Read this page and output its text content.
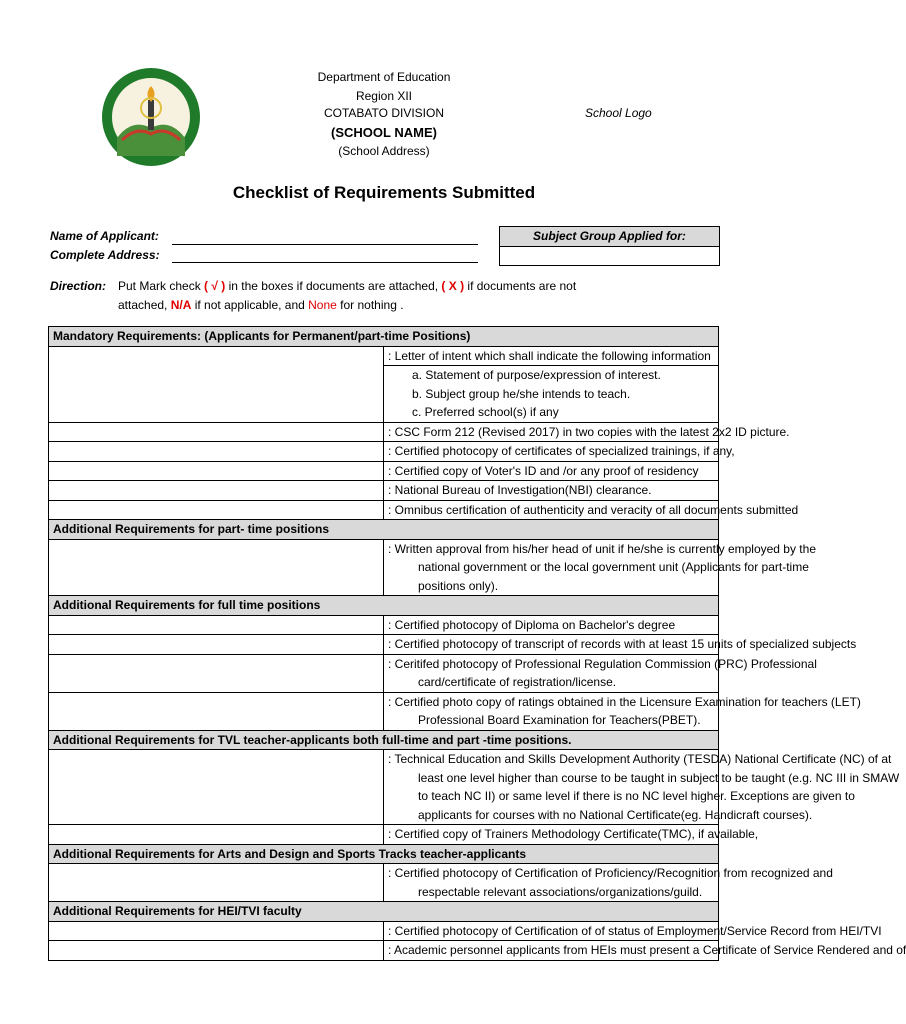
Department of Education
Region XII
COTABATO DIVISION
(SCHOOL NAME)
(School Address)
School Logo
Checklist of Requirements Submitted
Name of Applicant:
Complete Address:
Subject Group Applied for:
Direction: Put Mark check ( √ ) in the boxes if documents are attached, ( X ) if documents are not
attached, N/A if not applicable, and None for nothing .
Mandatory Requirements: (Applicants for Permanent/part-time Positions)	
	: Letter of intent which shall indicate the following information
	a. Statement of purpose/expression of interest.
	b. Subject group he/she intends to teach.
	c. Preferred school(s) if any
	: CSC Form 212 (Revised 2017) in two copies with the latest 2x2 ID picture.
	: Certified photocopy of certificates of specialized trainings, if any,
	: Certified copy of Voter's ID and /or any proof of residency
	: National Bureau of Investigation(NBI) clearance.
	: Omnibus certification of authenticity and veracity of all documents submitted
Additional Requirements for part- time positions	
	: Written approval from his/her head of unit if he/she is currently employed by the
	national government or the local government unit (Applicants for part-time
	positions only).
Additional Requirements for full time positions	
	: Certified photocopy of Diploma on Bachelor's degree
	: Certified photocopy of transcript of records with at least 15 units of specialized subjects
	: Ceritifed photocopy of Professional Regulation Commission (PRC) Professional
	card/certificate of registration/license.
	: Certified photo copy of ratings obtained in the Licensure Examination for teachers (LET)
	Professional Board Examination for Teachers(PBET).
Additional Requirements for TVL teacher-applicants both full-time and part -time positions.	
	: Technical Education and Skills Development Authority (TESDA) National Certificate (NC) of at
	least one level higher than course to be taught in subject to be taught (e.g. NC III in SMAW
	to teach NC II) or same level if there is no NC level higher. Exceptions are given to
	applicants for courses with no National Certificate(eg. Handicraft courses).
	: Certified copy of Trainers Methodology Certificate(TMC), if available,
Additional Requirements for Arts and Design and Sports Tracks teacher-applicants	
	: Certified photocopy of Certification of Proficiency/Recognition from recognized and
	respectable relevant associations/organizations/guild.
Additional Requirements for HEI/TVI faculty	
	: Certified photocopy of Certification of of status of Employment/Service Record from HEI/TVI
	: Academic personnel applicants from HEIs must present a Certificate of Service Rendered and of
